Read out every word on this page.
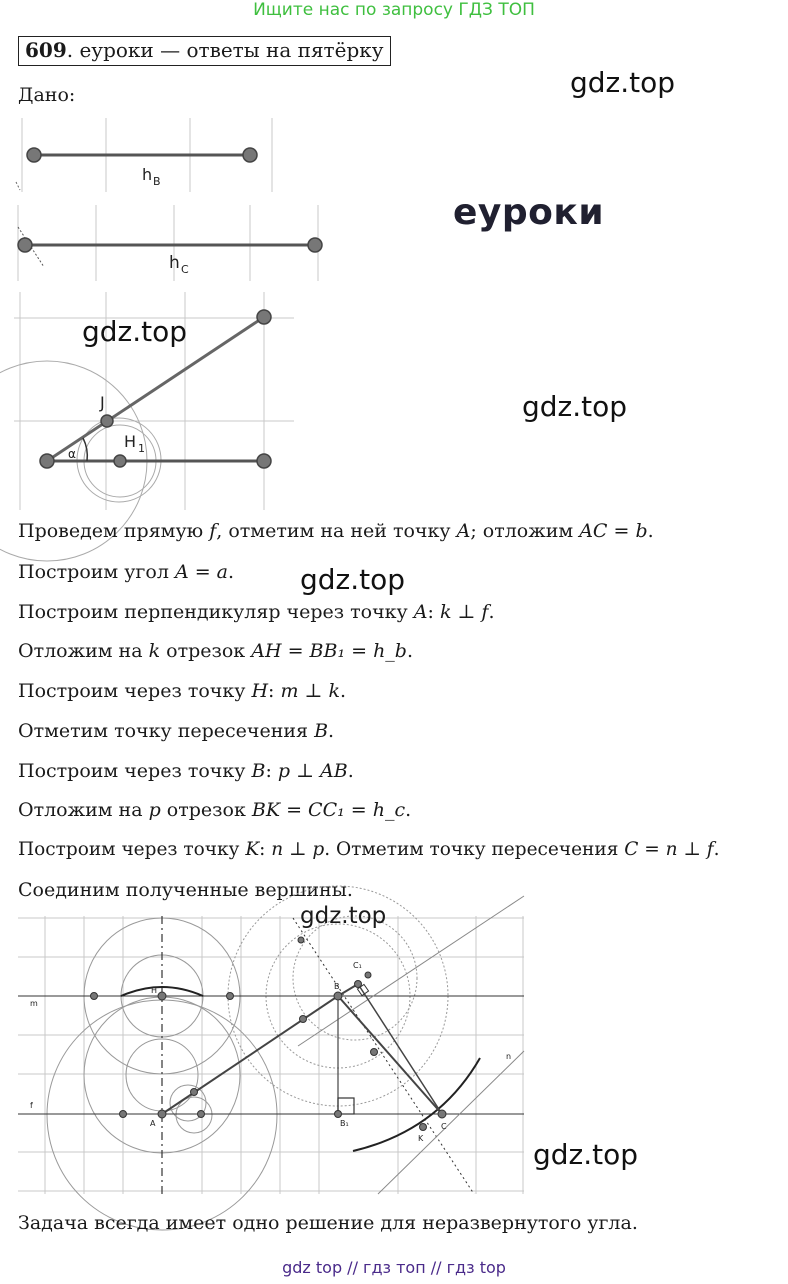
Ищите нас по запросу ГДЗ ТОП
609. еуроки — ответы на пятёрку
Дано:	gdz.top
еуроки
gdz.top
gdz.top
gdz.top
gdz.top
gdz.top
h B
h C
J
α
H 1
Проведем прямую f, отметим на ней точку A; отложим AC = b.
Построим угол A = a.
Построим перпендикуляр через точку A: k ⊥ f.
Отложим на k отрезок AH = BB₁ = h_b.
Построим через точку H: m ⊥ k.
Отметим точку пересечения B.
Построим через точку B: p ⊥ AB.
Отложим на p отрезок BK = CC₁ = h_c.
Построим через точку K: n ⊥ p. Отметим точку пересечения C = n ⊥ f.
Соединим полученные вершины.
m
f
n
H	B
A	B₁	C
C₁
K
Задача всегда имеет одно решение для неразвернутого угла.
gdz top // гдз топ // гдз top
